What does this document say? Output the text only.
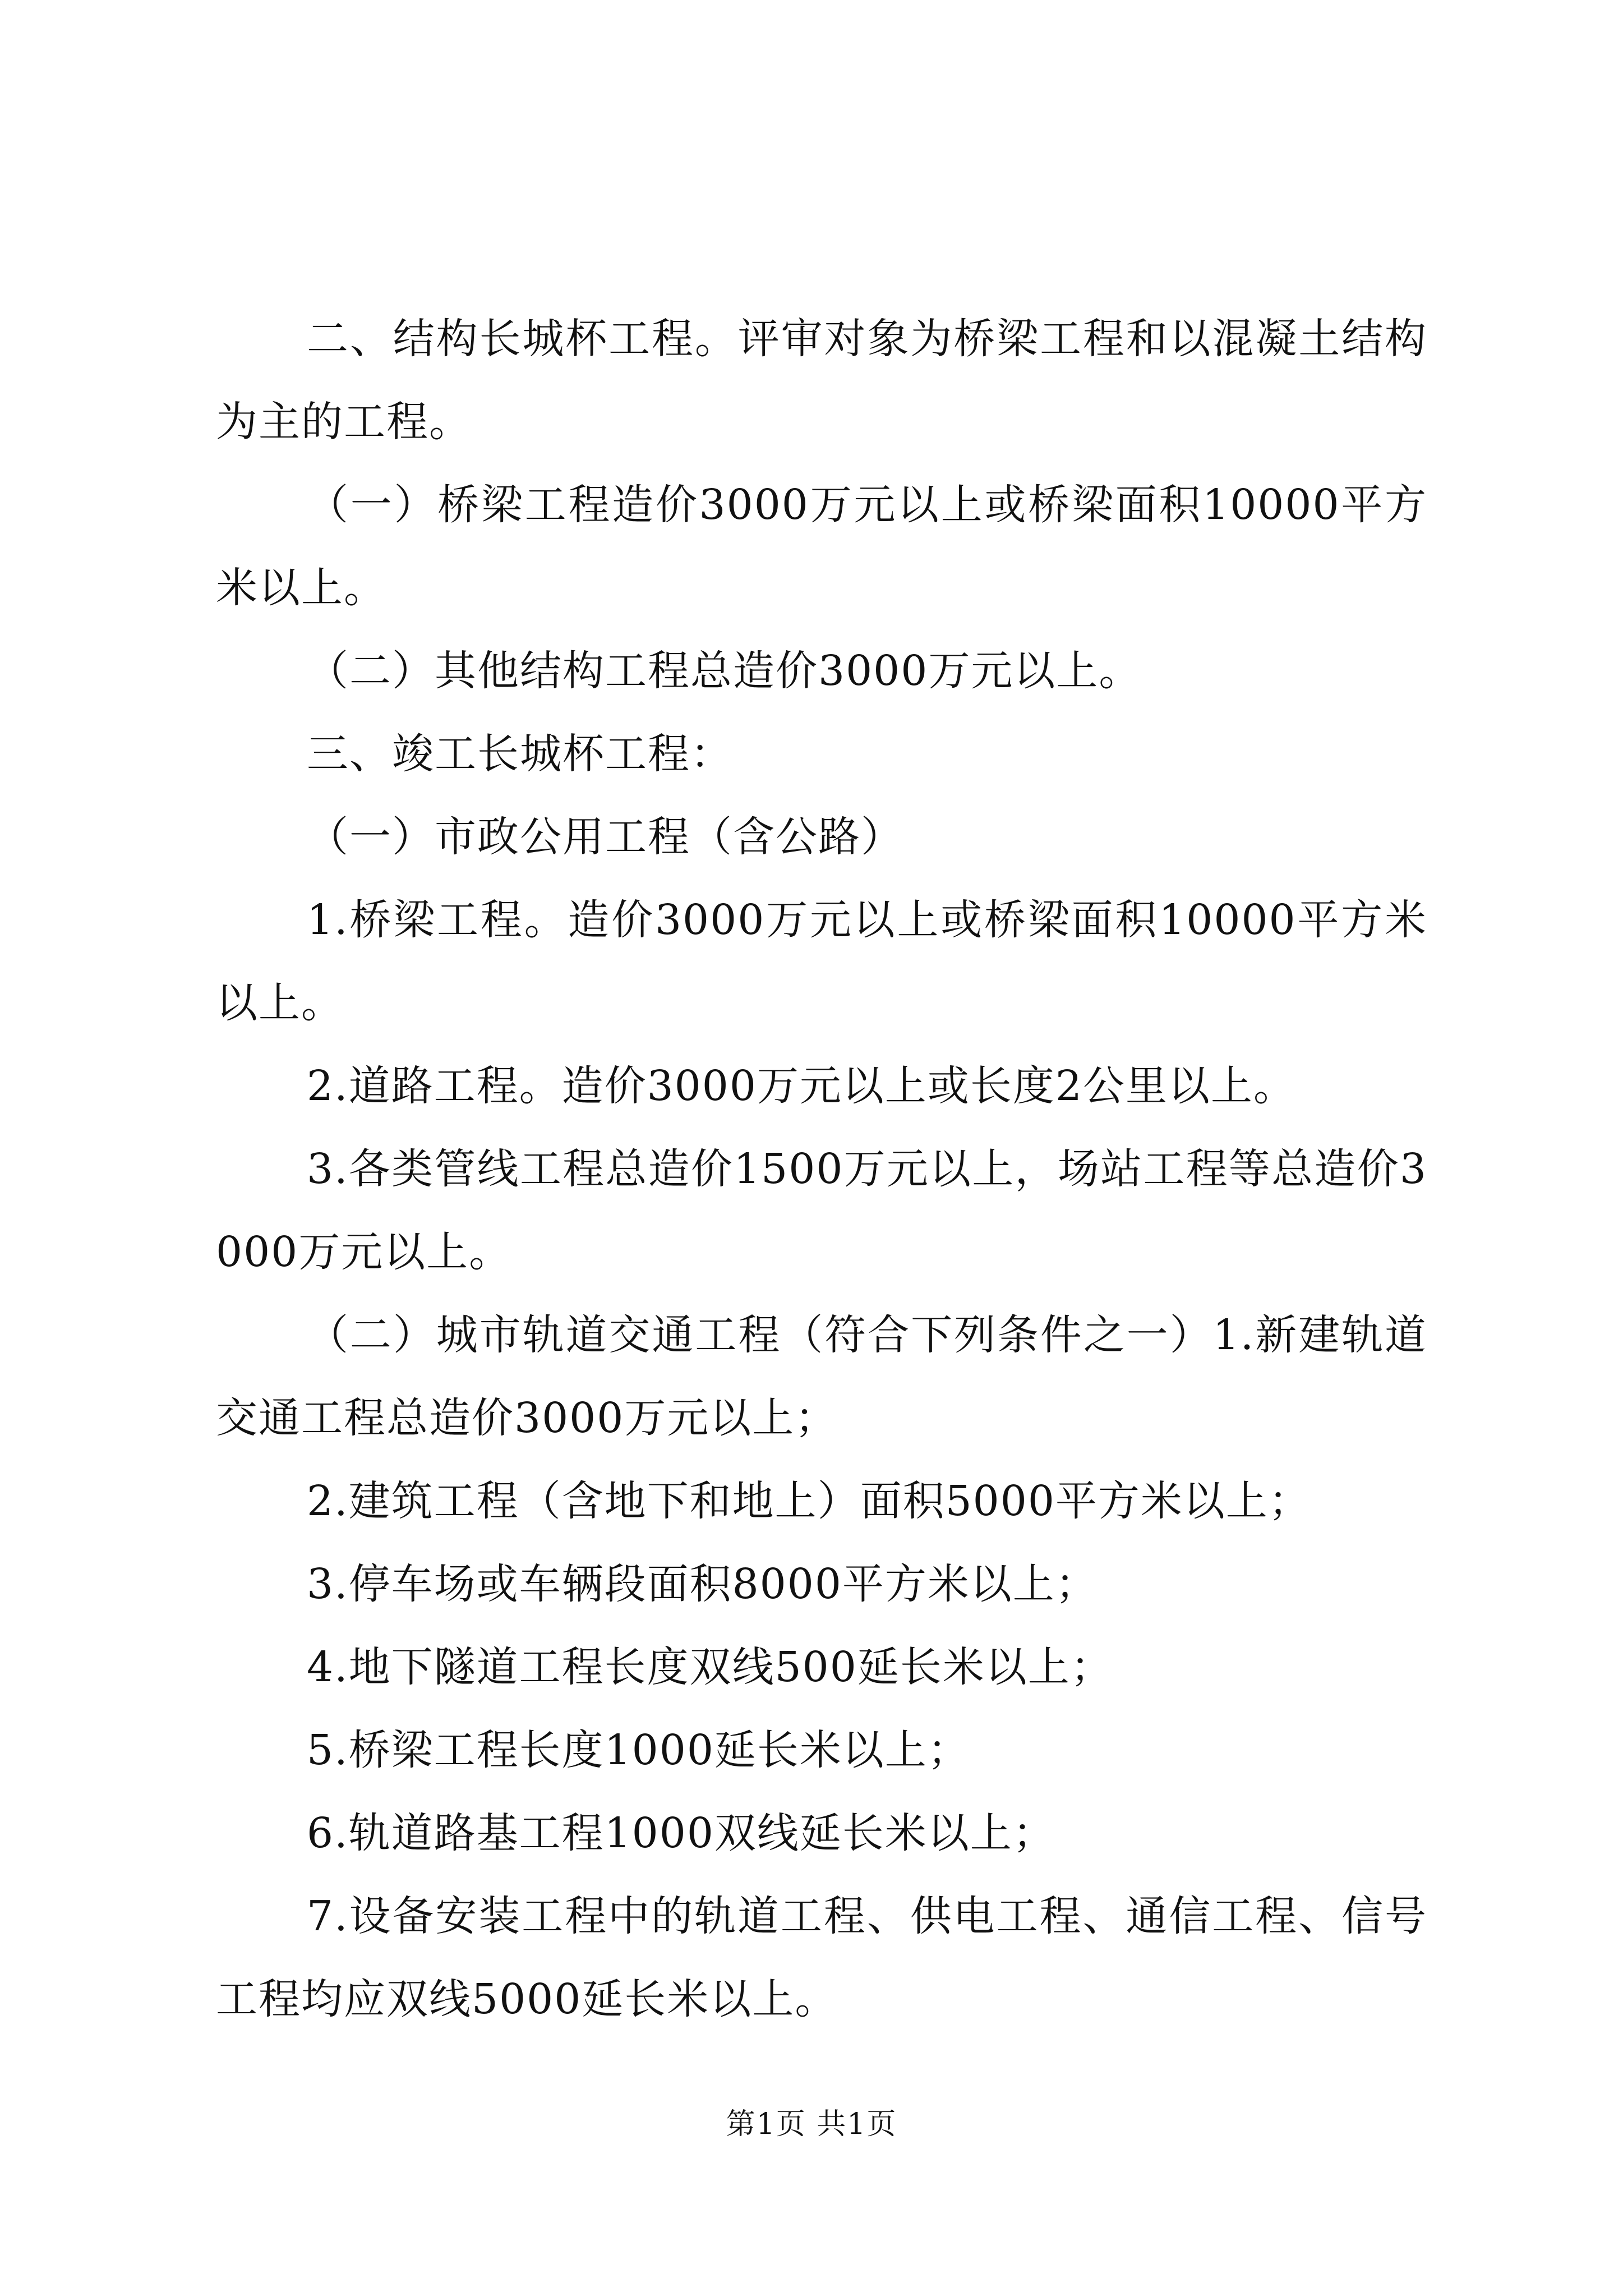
二、结构长城杯工程。评审对象为桥梁工程和以混凝土结构为主的工程。

（一）桥梁工程造价3000万元以上或桥梁面积10000平方米以上。

（二）其他结构工程总造价3000万元以上。

三、竣工长城杯工程：

（一）市政公用工程（含公路）

1.桥梁工程。造价3000万元以上或桥梁面积10000平方米以上。

2.道路工程。造价3000万元以上或长度2公里以上。

3.各类管线工程总造价1500万元以上，场站工程等总造价3000万元以上。

（二）城市轨道交通工程（符合下列条件之一）1.新建轨道交通工程总造价3000万元以上；

2.建筑工程（含地下和地上）面积5000平方米以上；

3.停车场或车辆段面积8000平方米以上；

4.地下隧道工程长度双线500延长米以上；

5.桥梁工程长度1000延长米以上；

6.轨道路基工程1000双线延长米以上；

7.设备安装工程中的轨道工程、供电工程、通信工程、信号工程均应双线5000延长米以上。

第1页 共1页
